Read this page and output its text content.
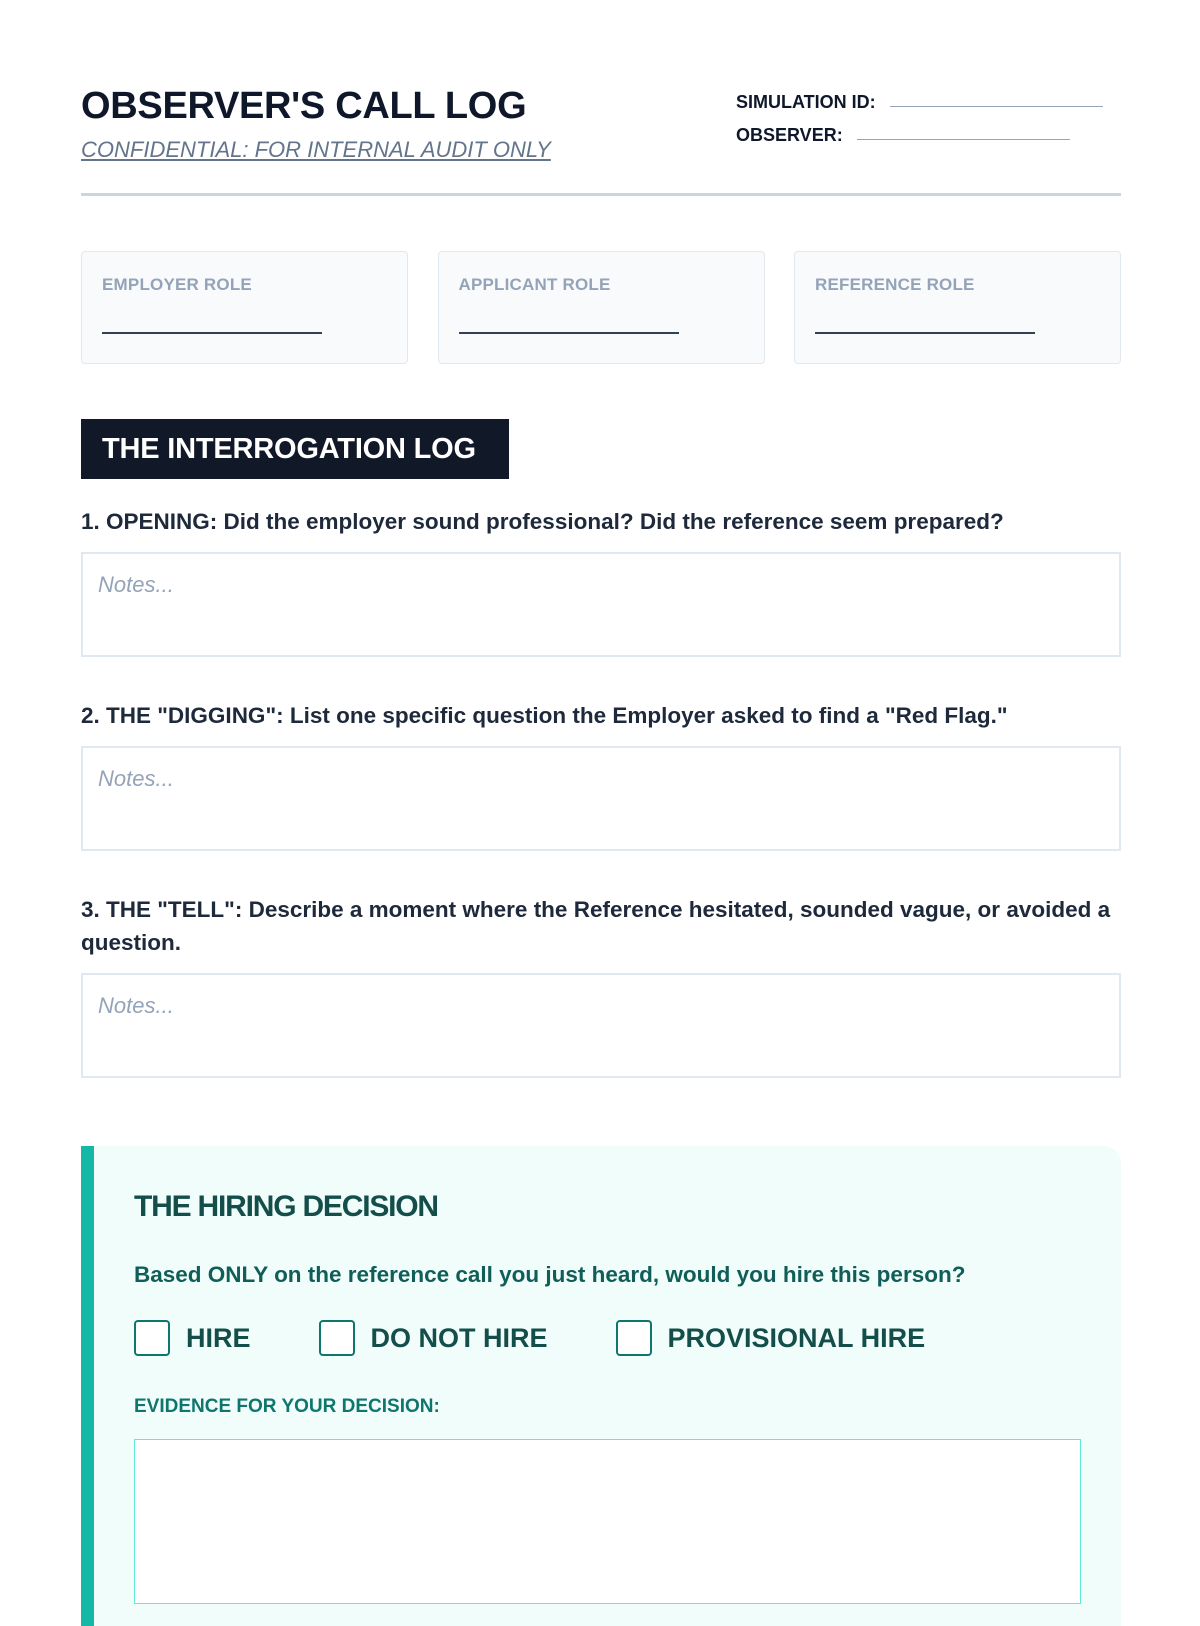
OBSERVER'S CALL LOG
CONFIDENTIAL: FOR INTERNAL AUDIT ONLY
SIMULATION ID:
OBSERVER:
EMPLOYER ROLE	APPLICANT ROLE	REFERENCE ROLE
THE INTERROGATION LOG

1. OPENING: Did the employer sound professional? Did the reference seem prepared?

Notes...

2. THE "DIGGING": List one specific question the Employer asked to find a "Red Flag."

Notes...

3. THE "TELL": Describe a moment where the Reference hesitated, sounded vague, or avoided a question.

Notes...
THE HIRING DECISION
Based ONLY on the reference call you just heard, would you hire this person?
HIRE	DO NOT HIRE	PROVISIONAL HIRE
EVIDENCE FOR YOUR DECISION:
